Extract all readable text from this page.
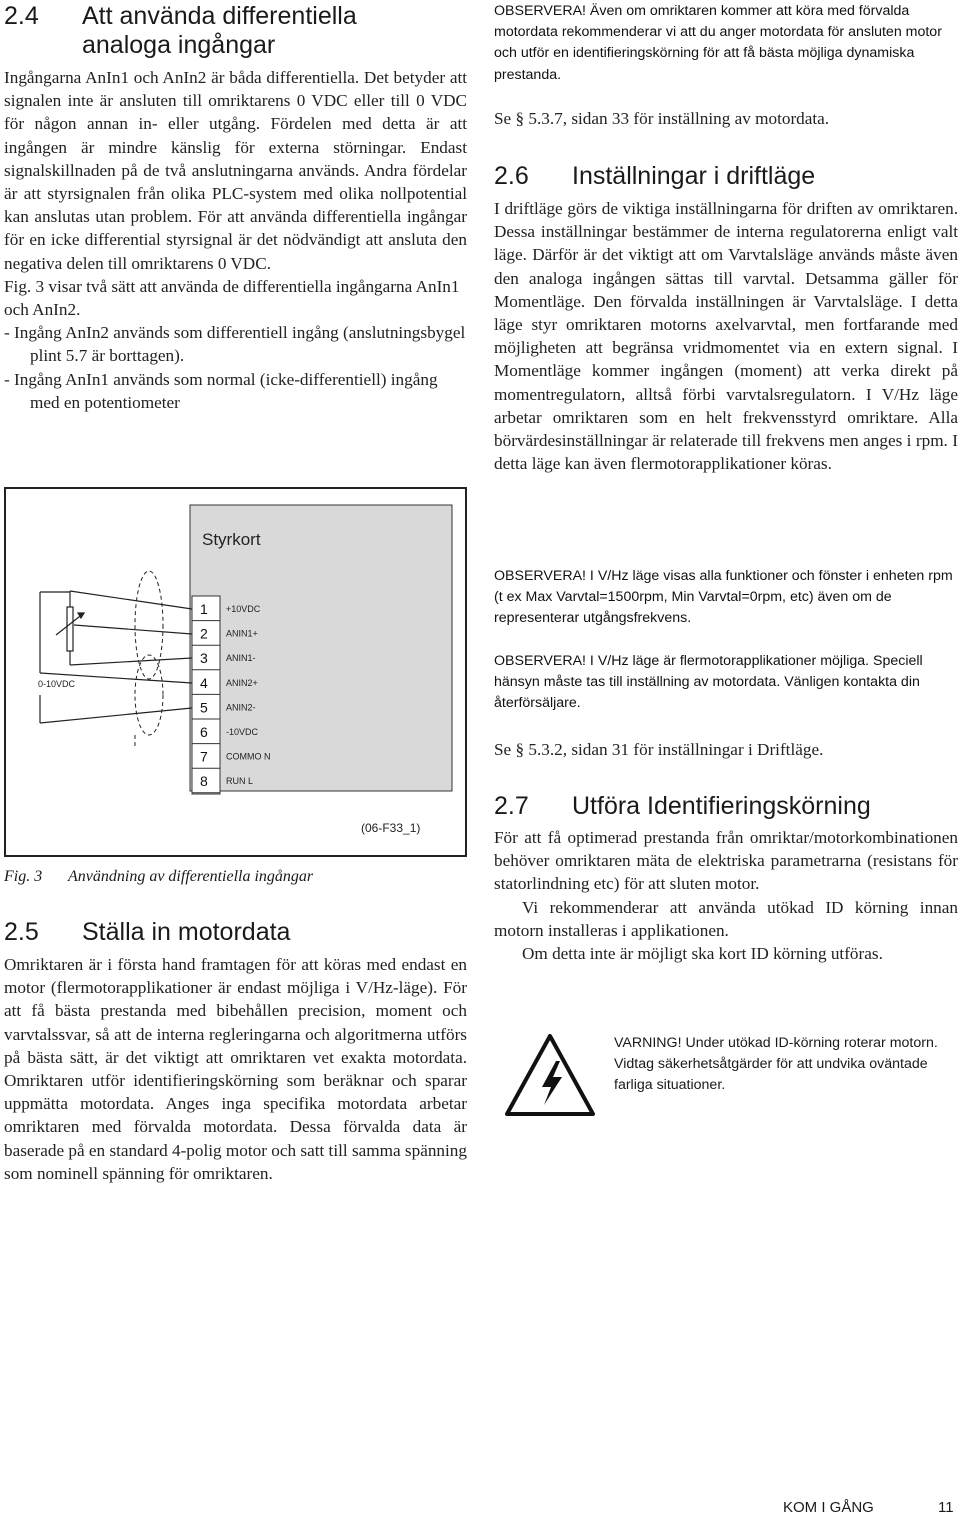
2.4 Att använda differentiella
analoga ingångar

Ingångarna AnIn1 och AnIn2 är båda differentiella. Det betyder att signalen inte är ansluten till omriktarens 0 VDC eller till 0 VDC för någon annan in- eller utgång. Fördelen med detta är att ingången är mindre känslig för externa störningar. Endast signalskillnaden på de två anslutningarna används. Andra fördelar är att styrsignalen från olika PLC-system med olika nollpotential kan anslutas utan problem. För att använda differentiella ingångar för en icke differential styrsignal är det nödvändigt att ansluta den negativa delen till omriktarens 0 VDC.

Fig. 3 visar två sätt att använda de differentiella ingångarna AnIn1 och AnIn2.

- Ingång AnIn2 används som differentiell ingång (anslutningsbygel plint 5.7 är borttagen).

- Ingång AnIn1 används som normal (icke-differentiell) ingång med en potentiometer

Styrkort
1 +10VDC
2 ANIN1+
3 ANIN1-
4 ANIN2+
5 ANIN2-
6 -10VDC
7 COMMO N
8 RUN L
0-10VDC
(06-F33_1)
Fig. 3 Användning av differentiella ingångar
2.5 Ställa in motordata

Omriktaren är i första hand framtagen för att köras med endast en motor (flermotorapplikationer är endast möjliga i V/Hz-läge). För att få bästa prestanda med bibehållen precision, moment och varvtalssvar, så att de interna regleringarna och algoritmerna utförs på bästa sätt, är det viktigt att omriktaren vet exakta motordata. Omriktaren utför identifieringskörning som beräknar och sparar uppmätta motordata. Anges inga specifika motordata arbetar omriktaren med förvalda motordata. Dessa förvalda data är baserade på en standard 4-polig motor och satt till samma spänning som nominell spänning för omriktaren.

OBSERVERA! Även om omriktaren kommer att köra med förvalda motordata rekommenderar vi att du anger motordata för ansluten motor och utför en identifieringskörning för att få bästa möjliga dynamiska prestanda.

Se § 5.3.7, sidan 33 för inställning av motordata.
2.6 Inställningar i driftläge

I driftläge görs de viktiga inställningarna för driften av omriktaren. Dessa inställningar bestämmer de interna regulatorerna enligt valt läge. Därför är det viktigt att om Varvtalsläge används måste även den analoga ingången sättas till varvtal. Detsamma gäller för Momentläge. Den förvalda inställningen är Varvtalsläge. I detta läge styr omriktaren motorns axelvarvtal, men fortfarande med möjligheten att begränsa vridmomentet via en extern signal. I Momentläge kommer ingången (moment) att verka direkt på momentregulatorn, alltså förbi varvtalsregulatorn. I V/Hz läge arbetar omriktaren som en helt frekvensstyrd omriktare. Alla börvärdesinställningar är relaterade till frekvens men anges i rpm. I detta läge kan även flermotorapplikationer köras.

OBSERVERA! I V/Hz läge visas alla funktioner och fönster i enheten rpm (t ex Max Varvtal=1500rpm, Min Varvtal=0rpm, etc) även om de representerar utgångsfrekvens.

OBSERVERA! I V/Hz läge är flermotorapplikationer möjliga. Speciell hänsyn måste tas till inställning av motordata. Vänligen kontakta din återförsäljare.

Se § 5.3.2, sidan 31 för inställningar i Driftläge.
2.7 Utföra Identifieringskörning

För att få optimerad prestanda från omriktar/motorkombinationen behöver omriktaren mäta de elektriska parametrarna (resistans för statorlindning etc) för att sluten motor.

Vi rekommenderar att använda utökad ID körning innan motorn installeras i applikationen.

Om detta inte är möjligt ska kort ID körning utföras.

VARNING! Under utökad ID-körning roterar motorn. Vidtag säkerhetsåtgärder för att undvika oväntade farliga situationer.
KOM I GÅNG	11
